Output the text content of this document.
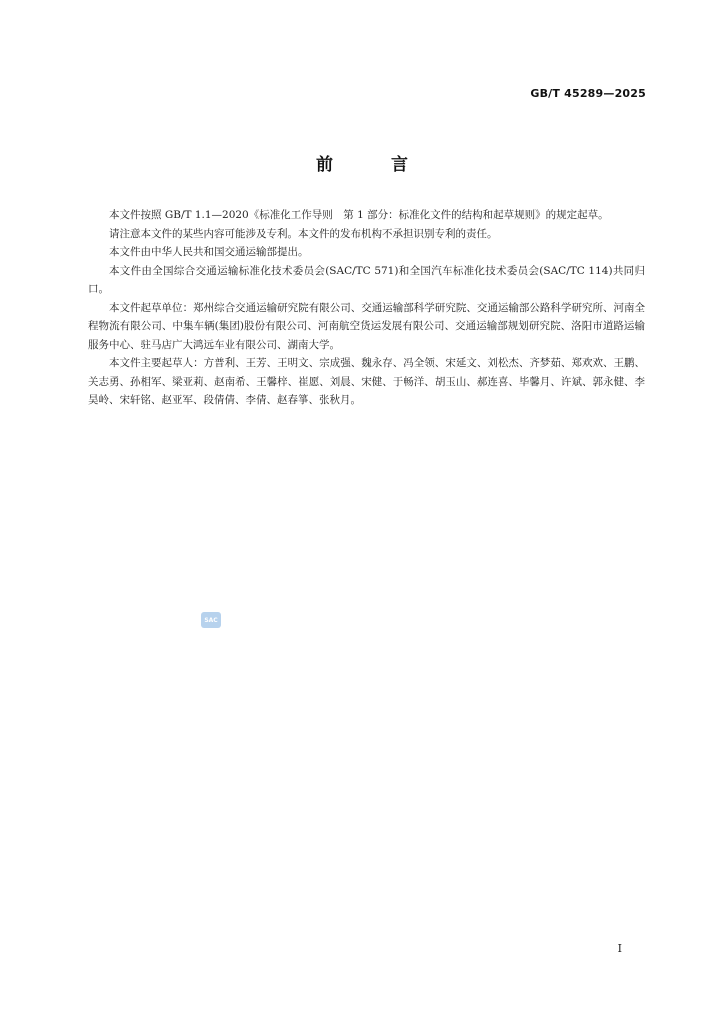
GB/T 45289—2025
前 言

本文件按照 GB/T 1.1—2020《标准化工作导则　第 1 部分：标准化文件的结构和起草规则》的规定起草。

请注意本文件的某些内容可能涉及专利。本文件的发布机构不承担识别专利的责任。

本文件由中华人民共和国交通运输部提出。

本文件由全国综合交通运输标准化技术委员会(SAC/TC 571)和全国汽车标准化技术委员会(SAC/TC 114)共同归口。

本文件起草单位：郑州综合交通运输研究院有限公司、交通运输部科学研究院、交通运输部公路科学研究所、河南全程物流有限公司、中集车辆(集团)股份有限公司、河南航空货运发展有限公司、交通运输部规划研究院、洛阳市道路运输服务中心、驻马店广大鸿远车业有限公司、湖南大学。

本文件主要起草人：方普利、王芳、王明文、宗成强、魏永存、冯全领、宋延文、刘松杰、齐梦茹、郑欢欢、王鹏、关志勇、孙相军、梁亚莉、赵南希、王馨梓、崔愿、刘晨、宋健、于畅洋、胡玉山、郝连喜、毕馨月、许斌、郭永健、李昊岭、宋轩铭、赵亚军、段倩倩、李倩、赵春箏、张秋月。

SAC
I
